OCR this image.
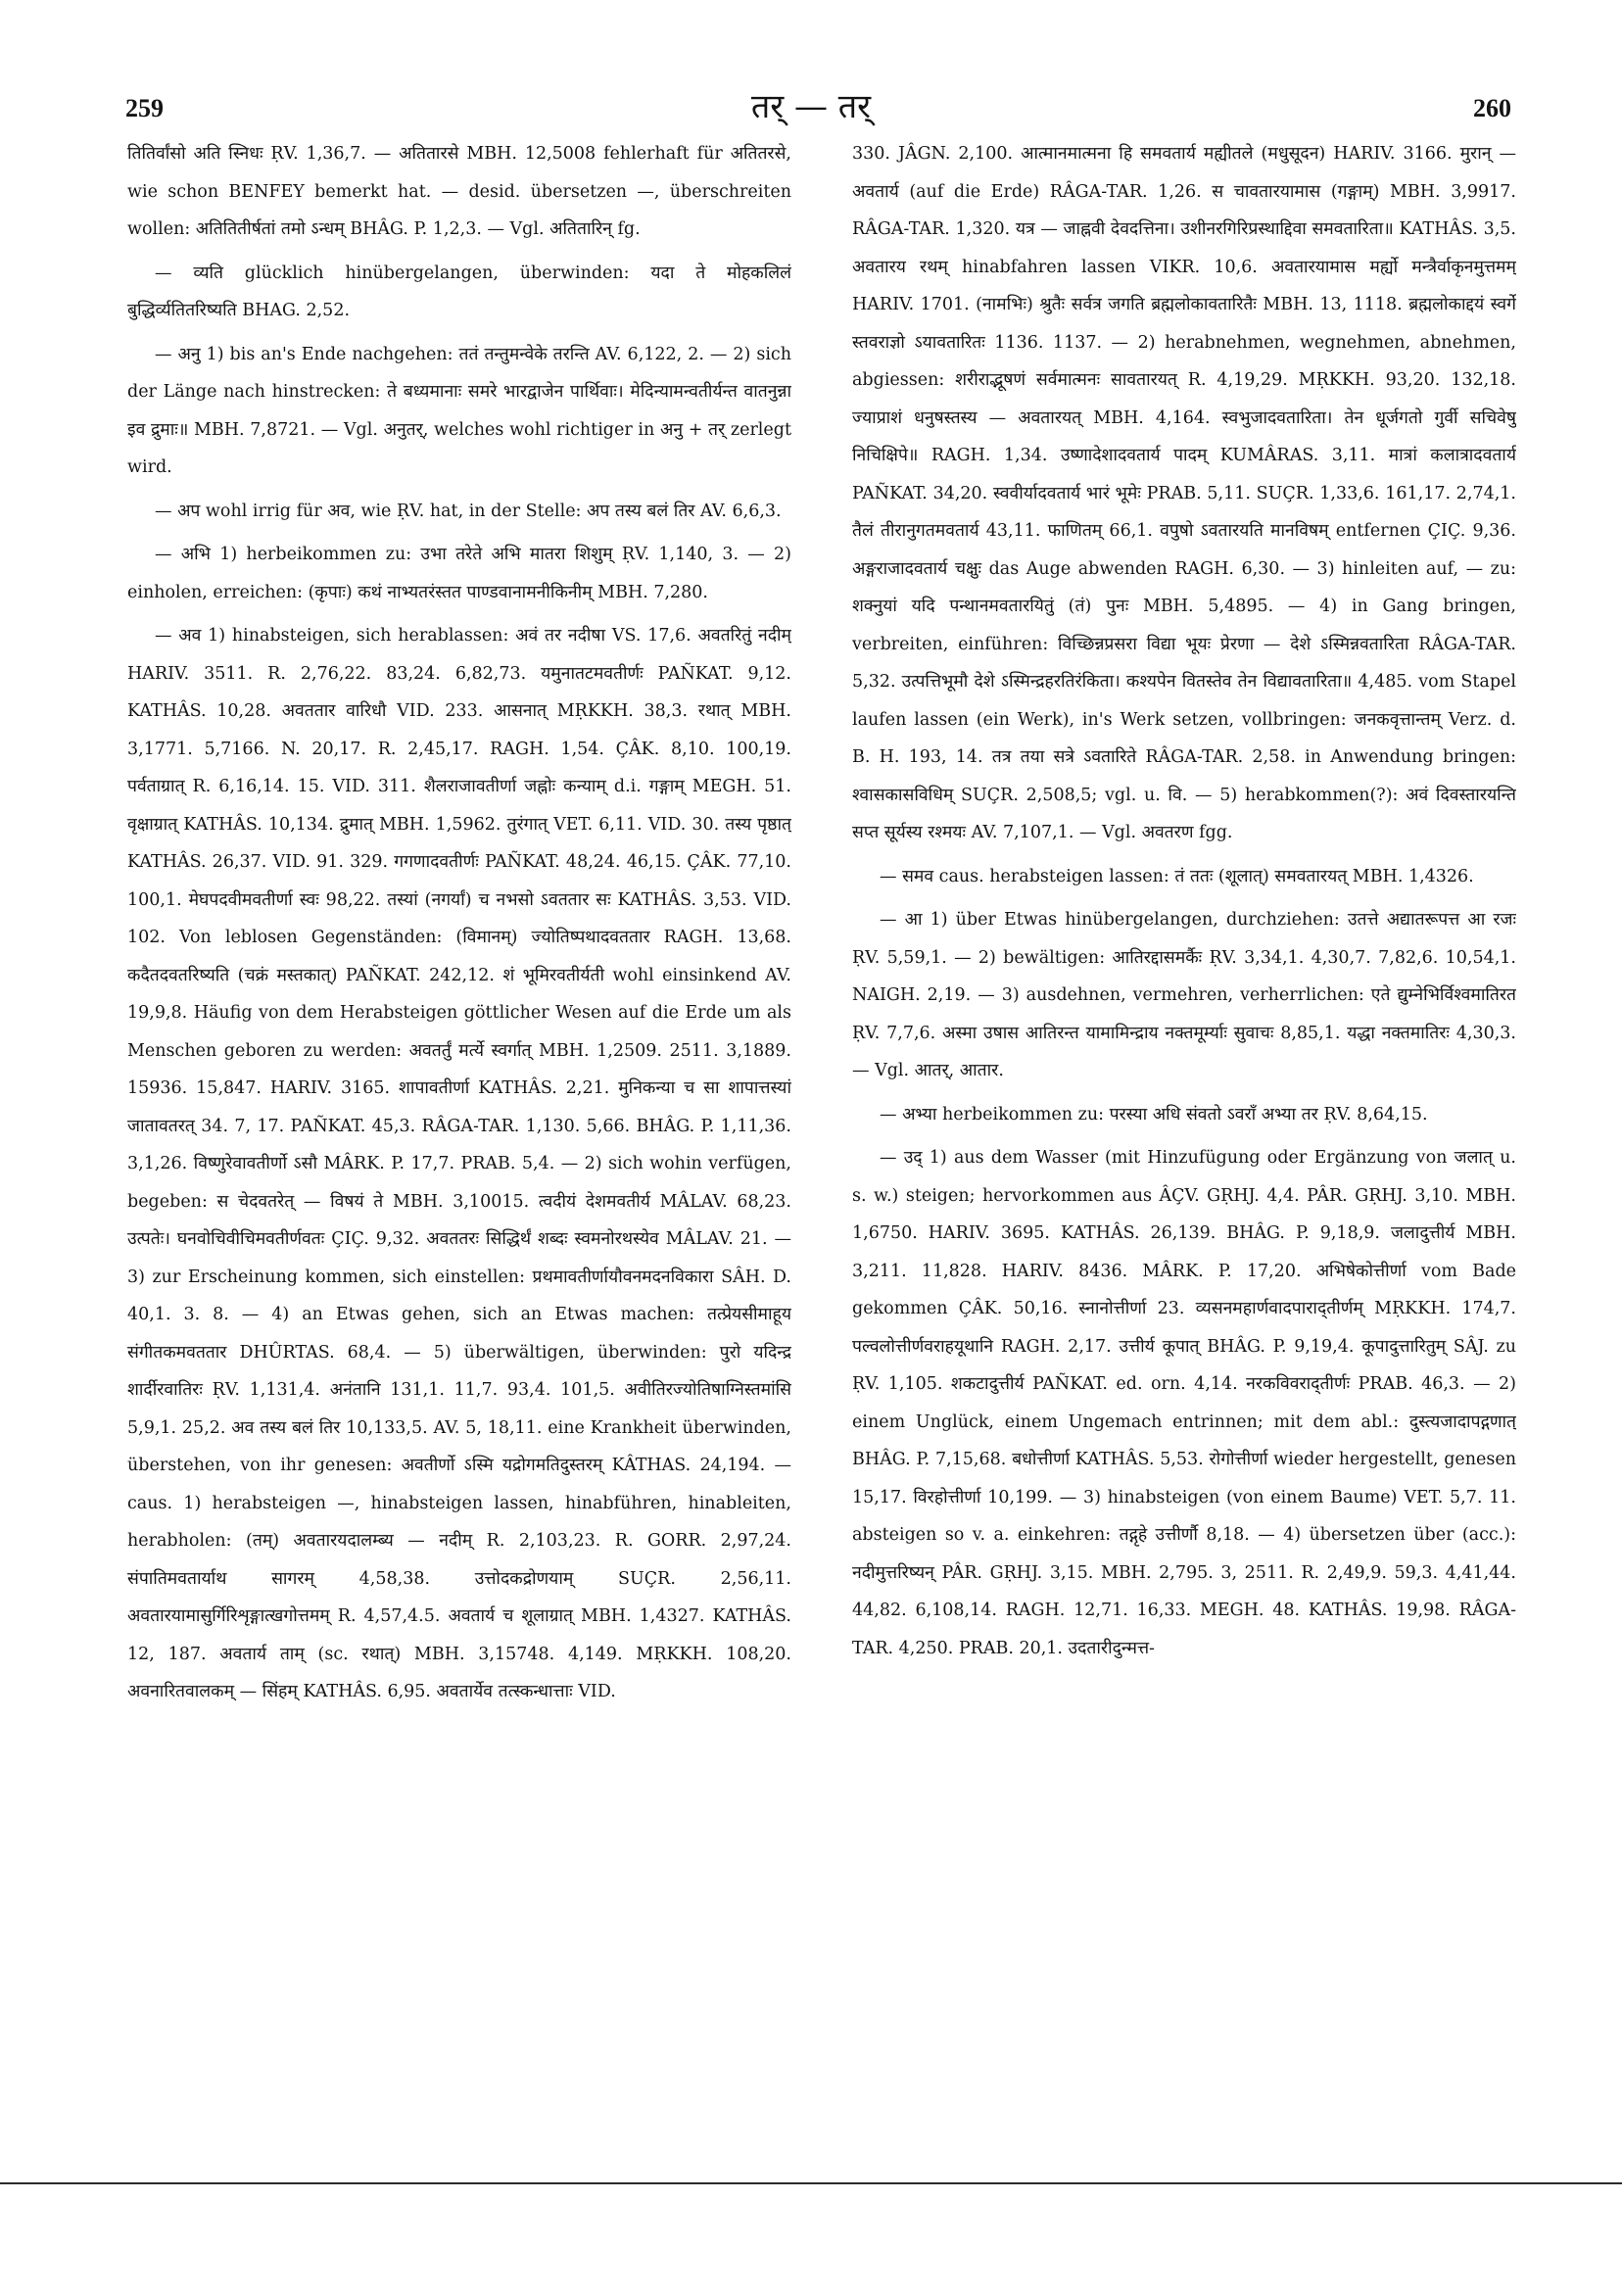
259	तर् — तर्	260

तितिर्वांसो अति स्निधः ṚV. 1,36,7. — अतितारसे MBH. 12,5008 fehlerhaft für अतितरसे, wie schon BENFEY bemerkt hat. — desid. übersetzen —, überschreiten wollen: अतितितीर्षतां तमो ऽन्धम् BHÂG. P. 1,2,3. — Vgl. अतितारिन् fg.

— व्यति glücklich hinübergelangen, überwinden: यदा ते मोहकलिलं बुद्धिर्व्यतितरिष्यति BHAG. 2,52.

— अनु 1) bis an's Ende nachgehen: ततं तन्तुमन्वेके तरन्ति AV. 6,122, 2. — 2) sich der Länge nach hinstrecken: ते बध्यमानाः समरे भारद्वाजेन पार्थिवाः। मेदिन्यामन्वतीर्यन्त वातनुन्ना इव द्रुमाः॥ MBH. 7,8721. — Vgl. अनुतर्, welches wohl richtiger in अनु + तर् zerlegt wird.

— अप wohl irrig für अव, wie ṚV. hat, in der Stelle: अप तस्य बलं तिर AV. 6,6,3.

— अभि 1) herbeikommen zu: उभा तरेते अभि मातरा शिशुम् ṚV. 1,140, 3. — 2) einholen, erreichen: (कृपाः) कथं नाभ्यतरंस्तत पाण्डवानामनीकिनीम् MBH. 7,280.

— अव 1) hinabsteigen, sich herablassen: अवं तर नदीषा VS. 17,6. अवतरितुं नदीम् HARIV. 3511. R. 2,76,22. 83,24. 6,82,73. यमुनातटमवतीर्णः PAÑKAT. 9,12. KATHÂS. 10,28. अवततार वारिधौ VID. 233. आसनात् MṚKKH. 38,3. रथात् MBH. 3,1771. 5,7166. N. 20,17. R. 2,45,17. RAGH. 1,54. ÇÂK. 8,10. 100,19. पर्वताग्रात् R. 6,16,14. 15. VID. 311. शैलराजावतीर्णा जह्नोः कन्याम् d.i. गङ्गाम् MEGH. 51. वृक्षाग्रात् KATHÂS. 10,134. द्रुमात् MBH. 1,5962. तुरंगात् VET. 6,11. VID. 30. तस्य पृष्ठात् KATHÂS. 26,37. VID. 91. 329. गगणादवतीर्णः PAÑKAT. 48,24. 46,15. ÇÂK. 77,10. 100,1. मेघपदवीमवतीर्णा स्वः 98,22. तस्यां (नगर्यां) च नभसो ऽवततार सः KATHÂS. 3,53. VID. 102. Von leblosen Gegenständen: (विमानम्) ज्योतिष्पथादवततार RAGH. 13,68. कदैतदवतरिष्यति (चक्रं मस्तकात्) PAÑKAT. 242,12. शं भूमिरवतीर्यती wohl einsinkend AV. 19,9,8. Häufig von dem Herabsteigen göttlicher Wesen auf die Erde um als Menschen geboren zu werden: अवतर्तुं मर्त्ये स्वर्गात् MBH. 1,2509. 2511. 3,1889. 15936. 15,847. HARIV. 3165. शापावतीर्णा KATHÂS. 2,21. मुनिकन्या च सा शापात्तस्यां जातावतरत् 34. 7, 17. PAÑKAT. 45,3. RÂGA-TAR. 1,130. 5,66. BHÂG. P. 1,11,36. 3,1,26. विष्णुरेवावतीर्णो ऽसौ MÂRK. P. 17,7. PRAB. 5,4. — 2) sich wohin verfügen, begeben: स चेदवतरेत् — विषयं ते MBH. 3,10015. त्वदीयं देशमवतीर्य MÂLAV. 68,23. उत्पतेः। घनवोचिवीचिमवतीर्णवतः ÇIÇ. 9,32. अवततरः सिद्धिर्थं शब्दः स्वमनोरथस्येव MÂLAV. 21. — 3) zur Erscheinung kommen, sich einstellen: प्रथमावतीर्णायौवनमदनविकारा SÂH. D. 40,1. 3. 8. — 4) an Etwas gehen, sich an Etwas machen: तत्प्रेयसीमाहूय संगीतकमवततार DHÛRTAS. 68,4. — 5) überwältigen, überwinden: पुरो यदिन्द्र शार्दीरवातिरः ṚV. 1,131,4. अनंतानि 131,1. 11,7. 93,4. 101,5. अवीतिरज्योतिषाग्निस्तमांसि 5,9,1. 25,2. अव तस्य बलं तिर 10,133,5. AV. 5, 18,11. eine Krankheit überwinden, überstehen, von ihr genesen: अवतीर्णो ऽस्मि यद्रोगमतिदुस्तरम् KÂTHAS. 24,194. — caus. 1) herabsteigen —, hinabsteigen lassen, hinabführen, hinableiten, herabholen: (तम्) अवतारयदालम्ब्य — नदीम् R. 2,103,23. R. GORR. 2,97,24. संपातिमवतार्याथ सागरम् 4,58,38. उत्तोदकद्रोणयाम् SUÇR. 2,56,11. अवतारयामासुर्गिरिशृङ्गात्खगोत्तमम् R. 4,57,4.5. अवतार्य च शूलाग्रात् MBH. 1,4327. KATHÂS. 12, 187. अवतार्य ताम् (sc. रथात्) MBH. 3,15748. 4,149. MṚKKH. 108,20. अवनारितवालकम् — सिंहम् KATHÂS. 6,95. अवतार्येव तत्स्कन्धात्ताः VID.

330. JÂGN. 2,100. आत्मानमात्मना हि समवतार्य मह्यीतले (मधुसूदन) HARIV. 3166. मुरान् — अवतार्य (auf die Erde) RÂGA-TAR. 1,26. स चावतारयामास (गङ्गाम्) MBH. 3,9917. RÂGA-TAR. 1,320. यत्र — जाह्नवी देवदत्तिना। उशीनरगिरिप्रस्थाद्दिवा समवतारिता॥ KATHÂS. 3,5. अवतारय रथम् hinabfahren lassen VIKR. 10,6. अवतारयामास मर्ह्यो मन्त्रैर्वाकृनमुत्तमम् HARIV. 1701. (नामभिः) श्रुतैः सर्वत्र जगति ब्रह्मलोकावतारितैः MBH. 13, 1118. ब्रह्मलोकाद्दयं स्वर्गे स्तवराज्ञो ऽयावतारितः 1136. 1137. — 2) herabnehmen, wegnehmen, abnehmen, abgiessen: शरीराद्भूषणं सर्वमात्मनः सावतारयत् R. 4,19,29. MṚKKH. 93,20. 132,18. ज्याप्राशं धनुषस्तस्य — अवतारयत् MBH. 4,164. स्वभुजादवतारिता। तेन धूर्जगतो गुर्वी सचिवेषु निचिक्षिपे॥ RAGH. 1,34. उष्णादेशादवतार्य पादम् KUMÂRAS. 3,11. मात्रां कलात्रादवतार्य PAÑKAT. 34,20. स्ववीर्यादवतार्य भारं भूमेः PRAB. 5,11. SUÇR. 1,33,6. 161,17. 2,74,1. तैलं तीरानुगतमवतार्य 43,11. फाणितम् 66,1. वपुषो ऽवतारयति मानविषम् entfernen ÇIÇ. 9,36. अङ्गराजादवतार्य चक्षुः das Auge abwenden RAGH. 6,30. — 3) hinleiten auf, — zu: शक्नुयां यदि पन्थानमवतारयितुं (तं) पुनः MBH. 5,4895. — 4) in Gang bringen, verbreiten, einführen: विच्छिन्नप्रसरा विद्या भूयः प्रेरणा — देशे ऽस्मिन्नवतारिता RÂGA-TAR. 5,32. उत्पत्तिभूमौ देशे ऽस्मिन्द्रहरतिरंकिता। कश्यपेन वितस्तेव तेन विद्यावतारिता॥ 4,485. vom Stapel laufen lassen (ein Werk), in's Werk setzen, vollbringen: जनकवृत्तान्तम् Verz. d. B. H. 193, 14. तत्र तया सत्रे ऽवतारिते RÂGA-TAR. 2,58. in Anwendung bringen: श्वासकासविधिम् SUÇR. 2,508,5; vgl. u. वि. — 5) herabkommen(?): अवं दिवस्तारयन्ति सप्त सूर्यस्य रश्मयः AV. 7,107,1. — Vgl. अवतरण fgg.

— समव caus. herabsteigen lassen: तं ततः (शूलात्) समवतारयत् MBH. 1,4326.

— आ 1) über Etwas hinübergelangen, durchziehen: उतत्ते अद्यातरूपत्त आ रजः ṚV. 5,59,1. — 2) bewältigen: आतिरद्दासमर्कैः ṚV. 3,34,1. 4,30,7. 7,82,6. 10,54,1. NAIGH. 2,19. — 3) ausdehnen, vermehren, verherrlichen: एते द्युम्नेभिर्विश्वमातिरत ṚV. 7,7,6. अस्मा उषास आतिरन्त यामामिन्द्राय नक्तमूर्म्याः सुवाचः 8,85,1. यद्धा नक्तमातिरः 4,30,3. — Vgl. आतर्, आतार.

— अभ्या herbeikommen zu: परस्या अधि संवतो ऽवराँ अभ्या तर ṚV. 8,64,15.

— उद् 1) aus dem Wasser (mit Hinzufügung oder Ergänzung von जलात् u. s. w.) steigen; hervorkommen aus ÂÇV. GṚHJ. 4,4. PÂR. GṚHJ. 3,10. MBH. 1,6750. HARIV. 3695. KATHÂS. 26,139. BHÂG. P. 9,18,9. जलादुत्तीर्य MBH. 3,211. 11,828. HARIV. 8436. MÂRK. P. 17,20. अभिषेकोत्तीर्णा vom Bade gekommen ÇÂK. 50,16. स्नानोत्तीर्णा 23. व्यसनमहार्णवादपाराद्तीर्णम् MṚKKH. 174,7. पल्वलोत्तीर्णवराहयूथानि RAGH. 2,17. उत्तीर्य कूपात् BHÂG. P. 9,19,4. कूपादुत्तारितुम् SÂJ. zu ṚV. 1,105. शकटादुत्तीर्य PAÑKAT. ed. orn. 4,14. नरकविवराद्तीर्णः PRAB. 46,3. — 2) einem Unglück, einem Ungemach entrinnen; mit dem abl.: दुस्त्यजादापद्गणात् BHÂG. P. 7,15,68. बधोत्तीर्णा KATHÂS. 5,53. रोगोत्तीर्णा wieder hergestellt, genesen 15,17. विरहोत्तीर्णा 10,199. — 3) hinabsteigen (von einem Baume) VET. 5,7. 11. absteigen so v. a. einkehren: तद्गृहे उत्तीर्णौ 8,18. — 4) übersetzen über (acc.): नदीमुत्तरिष्यन् PÂR. GṚHJ. 3,15. MBH. 2,795. 3, 2511. R. 2,49,9. 59,3. 4,41,44. 44,82. 6,108,14. RAGH. 12,71. 16,33. MEGH. 48. KATHÂS. 19,98. RÂGA-TAR. 4,250. PRAB. 20,1. उदतारीदुन्मत्त-
